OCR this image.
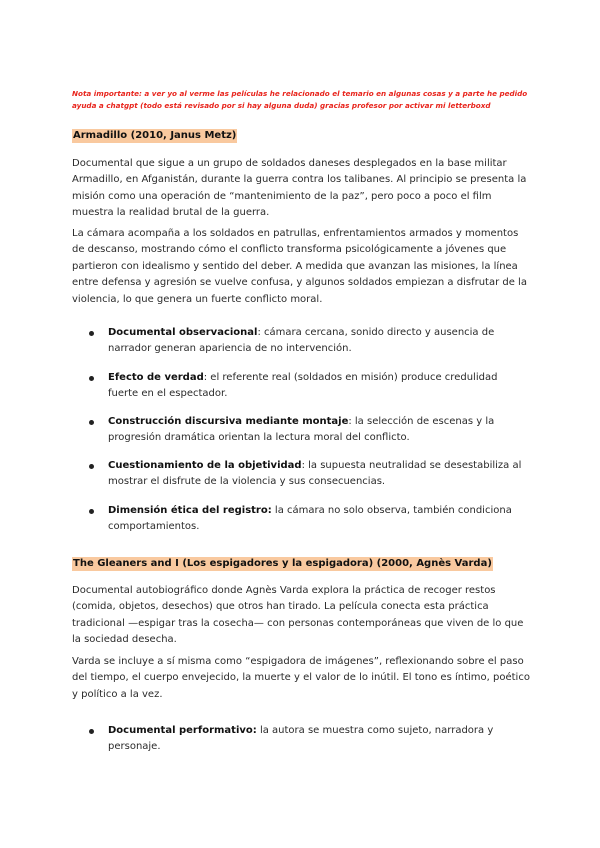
Nota importante: a ver yo al verme las películas he relacionado el temario en algunas cosas y a parte he pedido ayuda a chatgpt (todo está revisado por si hay alguna duda) gracias profesor por activar mi letterboxd
Armadillo (2010, Janus Metz)
Documental que sigue a un grupo de soldados daneses desplegados en la base militar Armadillo, en Afganistán, durante la guerra contra los talibanes. Al principio se presenta la misión como una operación de “mantenimiento de la paz”, pero poco a poco el film muestra la realidad brutal de la guerra.
La cámara acompaña a los soldados en patrullas, enfrentamientos armados y momentos de descanso, mostrando cómo el conflicto transforma psicológicamente a jóvenes que partieron con idealismo y sentido del deber. A medida que avanzan las misiones, la línea entre defensa y agresión se vuelve confusa, y algunos soldados empiezan a disfrutar de la violencia, lo que genera un fuerte conflicto moral.
Documental observacional: cámara cercana, sonido directo y ausencia de narrador generan apariencia de no intervención.
Efecto de verdad: el referente real (soldados en misión) produce credulidad fuerte en el espectador.
Construcción discursiva mediante montaje: la selección de escenas y la progresión dramática orientan la lectura moral del conflicto.
Cuestionamiento de la objetividad: la supuesta neutralidad se desestabiliza al mostrar el disfrute de la violencia y sus consecuencias.
Dimensión ética del registro: la cámara no solo observa, también condiciona comportamientos.
The Gleaners and I (Los espigadores y la espigadora) (2000, Agnès Varda)
Documental autobiográfico donde Agnès Varda explora la práctica de recoger restos (comida, objetos, desechos) que otros han tirado. La película conecta esta práctica tradicional —espigar tras la cosecha— con personas contemporáneas que viven de lo que la sociedad desecha.
Varda se incluye a sí misma como “espigadora de imágenes”, reflexionando sobre el paso del tiempo, el cuerpo envejecido, la muerte y el valor de lo inútil. El tono es íntimo, poético y político a la vez.
Documental performativo: la autora se muestra como sujeto, narradora y personaje.
